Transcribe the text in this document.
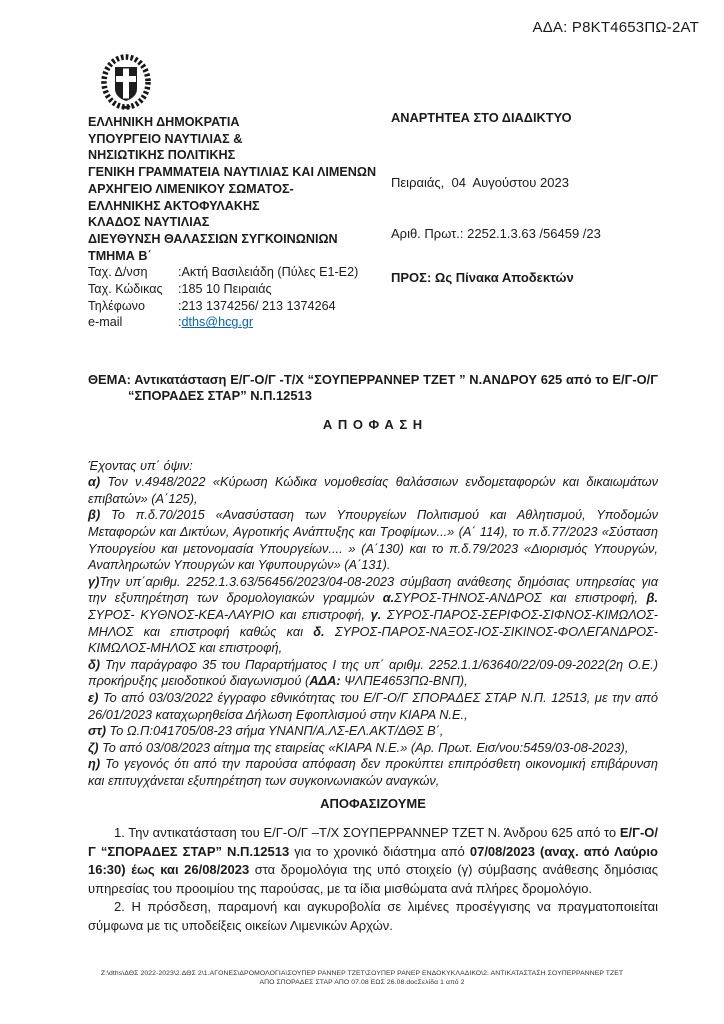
ΑΔΑ: Ρ8ΚΤ4653ΠΩ-2ΑΤ
ΕΛΛΗΝΙΚΗ ΔΗΜΟΚΡΑΤΙΑ
ΥΠΟΥΡΓΕΙΟ ΝΑΥΤΙΛΙΑΣ &
ΝΗΣΙΩΤΙΚΗΣ ΠΟΛΙΤΙΚΗΣ
ΓΕΝΙΚΗ ΓΡΑΜΜΑΤΕΙΑ ΝΑΥΤΙΛΙΑΣ ΚΑΙ ΛΙΜΕΝΩΝ
ΑΡΧΗΓΕΙΟ ΛΙΜΕΝΙΚΟΥ ΣΩΜΑΤΟΣ-
ΕΛΛΗΝΙΚΗΣ ΑΚΤΟΦΥΛΑΚΗΣ
ΚΛΑΔΟΣ ΝΑΥΤΙΛΙΑΣ
ΔΙΕΥΘΥΝΣΗ ΘΑΛΑΣΣΙΩΝ ΣΥΓΚΟΙΝΩΝΙΩΝ
ΤΜΗΜΑ Β΄
Ταχ. Δ/νση	:Ακτή Βασιλειάδη (Πύλες Ε1-Ε2)
Ταχ. Κώδικας	:185 10 Πειραιάς
Τηλέφωνο	:213 1374256/ 213 1374264
e-mail	:dths@hcg.gr
ΑΝΑΡΤΗΤΕΑ ΣΤΟ ΔΙΑΔΙΚΤΥΟ
Πειραιάς,  04  Αυγούστου 2023
Αριθ. Πρωτ.: 2252.1.3.63 /56459 /23
ΠΡΟΣ: Ως Πίνακα Αποδεκτών

ΘΕΜΑ: Αντικατάσταση Ε/Γ-Ο/Γ -Τ/Χ “ΣΟΥΠΕΡΡΑΝΝΕΡ ΤΖΕΤ ” Ν.ΑΝΔΡΟΥ 625 από το Ε/Γ-Ο/Γ “ΣΠΟΡΑΔΕΣ ΣΤΑΡ” Ν.Π.12513

Α Π Ο Φ Α Σ Η

Έχοντας υπ΄ όψιν:

α) Τον ν.4948/2022 «Κύρωση Κώδικα νομοθεσίας θαλάσσιων ενδομεταφορών και δικαιωμάτων επιβατών» (Α΄125),

β) Το π.δ.70/2015 «Ανασύσταση των Υπουργείων Πολιτισμού και Αθλητισμού, Υποδομών Μεταφορών και Δικτύων, Αγροτικής Ανάπτυξης και Τροφίμων...» (Α΄ 114), το π.δ.77/2023 «Σύσταση Υπουργείου και μετονομασία Υπουργείων.... » (Α΄130) και το π.δ.79/2023 «Διορισμός Υπουργών, Αναπληρωτών Υπουργών και Υφυπουργών» (Α΄131).

γ)Την υπ΄αριθμ. 2252.1.3.63/56456/2023/04-08-2023 σύμβαση ανάθεσης δημόσιας υπηρεσίας για την εξυπηρέτηση των δρομολογιακών γραμμών α.ΣΥΡΟΣ-ΤΗΝΟΣ-ΑΝΔΡΟΣ και επιστροφή, β. ΣΥΡΟΣ- ΚΥΘΝΟΣ-ΚΕΑ-ΛΑΥΡΙΟ και επιστροφή, γ. ΣΥΡΟΣ-ΠΑΡΟΣ-ΣΕΡΙΦΟΣ-ΣΙΦΝΟΣ-ΚΙΜΩΛΟΣ-ΜΗΛΟΣ και επιστροφή καθώς και δ. ΣΥΡΟΣ-ΠΑΡΟΣ-ΝΑΞΟΣ-ΙΟΣ-ΣΙΚΙΝΟΣ-ΦΟΛΕΓΑΝΔΡΟΣ-ΚΙΜΩΛΟΣ-ΜΗΛΟΣ και επιστροφή,

δ) Την παράγραφο 35 του Παραρτήματος Ι της υπ΄ αριθμ. 2252.1.1/63640/22/09-09-2022(2η Ο.Ε.) προκήρυξης μειοδοτικού διαγωνισμού (ΑΔΑ: ΨΛΠΕ4653ΠΩ-ΒΝΠ),

ε) Το από 03/03/2022 έγγραφο εθνικότητας του Ε/Γ-Ο/Γ ΣΠΟΡΑΔΕΣ ΣΤΑΡ Ν.Π. 12513, με την από 26/01/2023 καταχωρηθείσα Δήλωση Εφοπλισμού στην ΚΙΑΡΑ Ν.Ε.,

στ) Το Ω.Π:041705/08-23 σήμα ΥΝΑΝΠ/Α.ΛΣ-ΕΛ.ΑΚΤ/ΔΘΣ Β΄,

ζ) Το από 03/08/2023 αίτημα της εταιρείας «ΚΙΑΡΑ Ν.Ε.» (Αρ. Πρωτ. Εισ/νου:5459/03-08-2023),

η) Το γεγονός ότι από την παρούσα απόφαση δεν προκύπτει επιπρόσθετη οικονομική επιβάρυνση και επιτυγχάνεται εξυπηρέτηση των συγκοινωνιακών αναγκών,

ΑΠΟΦΑΣΙΖΟΥΜΕ

1. Την αντικατάσταση του Ε/Γ-Ο/Γ –Τ/Χ ΣΟΥΠΕΡΡΑΝΝΕΡ ΤΖΕΤ Ν. Άνδρου 625 από το Ε/Γ-Ο/Γ “ΣΠΟΡΑΔΕΣ ΣΤΑΡ” Ν.Π.12513 για το χρονικό διάστημα από 07/08/2023 (αναχ. από Λαύριο 16:30) έως και 26/08/2023 στα δρομολόγια της υπό στοιχείο (γ) σύμβασης ανάθεσης δημόσιας υπηρεσίας του προοιμίου της παρούσας, με τα ίδια μισθώματα ανά πλήρες δρομολόγιο.

2. Η πρόσδεση, παραμονή και αγκυροβολία σε λιμένες προσέγγισης να πραγματοποιείται σύμφωνα με τις υποδείξεις οικείων Λιμενικών Αρχών.

Z:\dths\ΔΘΣ 2022-2023\2.ΔΘΣ 2\1.ΑΓΟΝΕΣ\ΔΡΟΜΟΛΟΓΙΑ\ΣΟΥΠΕΡ ΡΑΝΝΕΡ ΤΖΕΤ\ΣΟΥΠΕΡ ΡΑΝΕΡ ΕΝΔΟΚΥΚΛΑΔΙΚΟ\2. ΑΝΤΙΚΑΤΑΣΤΑΣΗ ΣΟΥΠΕΡΡΑΝΝΕΡ ΤΖΕΤ
ΑΠΟ ΣΠΟΡΑΔΕΣ ΣΤΑΡ ΑΠΟ 07.08 ΕΩΣ 26.08.docΣελίδα 1 από 2
